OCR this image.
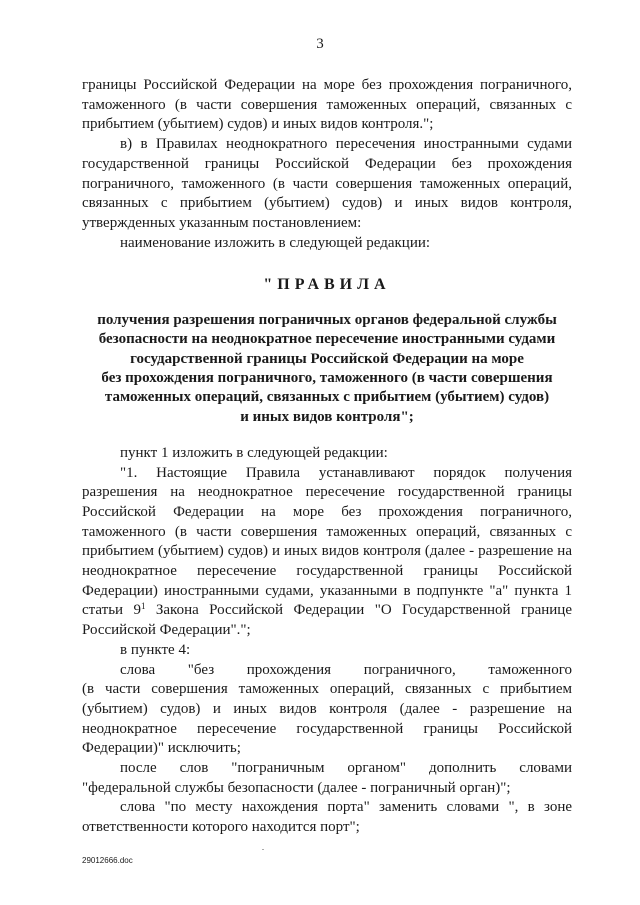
3

границы Российской Федерации на море без прохождения пограничного,

таможенного (в части совершения таможенных операций, связанных с прибытием (убытием) судов) и иных видов контроля.";

в) в Правилах неоднократного пересечения иностранными судами государственной границы Российской Федерации без прохождения пограничного, таможенного (в части совершения таможенных операций, связанных с прибытием (убытием) судов) и иных видов контроля, утвержденных указанным постановлением:

наименование изложить в следующей редакции:

"ПРАВИЛА

получения разрешения пограничных органов федеральной службы
безопасности на неоднократное пересечение иностранными судами
государственной границы Российской Федерации на море
без прохождения пограничного, таможенного (в части совершения
таможенных операций, связанных с прибытием (убытием) судов)
и иных видов контроля";

пункт 1 изложить в следующей редакции:

"1. Настоящие Правила устанавливают порядок получения

разрешения на неоднократное пересечение государственной границы Российской Федерации на море без прохождения пограничного, таможенного (в части совершения таможенных операций, связанных с прибытием (убытием) судов) и иных видов контроля (далее - разрешение на неоднократное пересечение государственной границы Российской Федерации) иностранными судами, указанными в подпункте "а" пункта 1 статьи $9^1$ Закона Российской Федерации "О Государственной границе Российской Федерации".";

в пункте 4:

слова "без прохождения пограничного, таможенного

(в части совершения таможенных операций, связанных с прибытием (убытием) судов) и иных видов контроля (далее - разрешение на неоднократное пересечение государственной границы Российской Федерации)" исключить;

после слов "пограничным органом" дополнить словами

"федеральной службы безопасности (далее - пограничный орган)";

слова "по месту нахождения порта" заменить словами ", в зоне ответственности которого находится порт";

.
29012666.doc
